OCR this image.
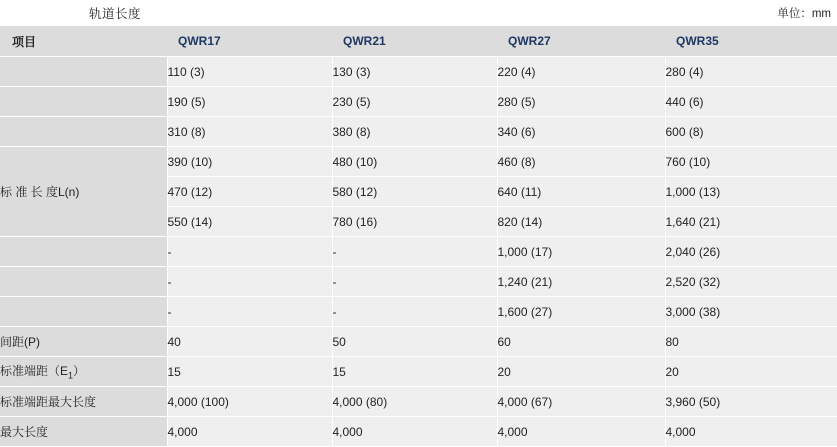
轨道长度	单位：mm
项目	QWR17	QWR21	QWR27	QWR35
	110 (3)	130 (3)	220 (4)	280 (4)
	190 (5)	230 (5)	280 (5)	440 (6)
	310 (8)	380 (8)	340 (6)	600 (8)
标 准 长 度L(n)	390 (10)	480 (10)	460 (8)	760 (10)
	470 (12)	580 (12)	640 (11)	1,000 (13)
	550 (14)	780 (16)	820 (14)	1,640 (21)
	-	-	1,000 (17)	2,040 (26)
	-	-	1,240 (21)	2,520 (32)
	-	-	1,600 (27)	3,000 (38)
间距(P)	40	50	60	80
标准端距$(E_1)$	15	15	20	20
标准端距最大长度	4,000 (100)	4,000 (80)	4,000 (67)	3,960 (50)
最大长度	4,000	4,000	4,000	4,000
